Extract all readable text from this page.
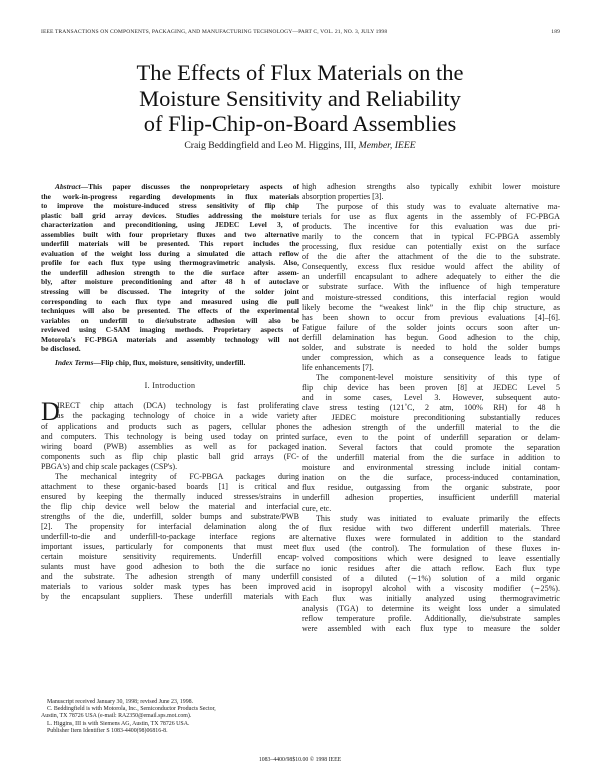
IEEE TRANSACTIONS ON COMPONENTS, PACKAGING, AND MANUFACTURING TECHNOLOGY—PART C, VOL. 21, NO. 3, JULY 1998	189
The Effects of Flux Materials on the
Moisture Sensitivity and Reliability
of Flip-Chip-on-Board Assemblies
Craig Beddingfield and Leo M. Higgins, III, Member, IEEE
Abstract—This paper discusses the nonproprietary aspects of
the work-in-progress regarding developments in flux materials
to improve the moisture-induced stress sensitivity of flip chip
plastic ball grid array devices. Studies addressing the moisture
characterization and preconditioning, using JEDEC Level 3, of
assemblies built with four proprietary fluxes and two alternative
underfill materials will be presented. This report includes the
evaluation of the weight loss during a simulated die attach reflow
profile for each flux type using thermogravimetric analysis. Also,
the underfill adhesion strength to the die surface after assem-
bly, after moisture preconditioning and after 48 h of autoclave
stressing will be discussed. The integrity of the solder joint
corresponding to each flux type and measured using die pull
techniques will also be presented. The effects of the experimental
variables on underfill to die/substrate adhesion will also be
reviewed using C-SAM imaging methods. Proprietary aspects of
Motorola's FC-PBGA materials and assembly technology will not
be disclosed.
Index Terms—Flip chip, flux, moisture, sensitivity, underfill.
I. Introduction
D
IRECT chip attach (DCA) technology is fast proliferating
as the packaging technology of choice in a wide variety
of applications and products such as pagers, cellular phones
and computers. This technology is being used today on printed
wiring board (PWB) assemblies as well as for packaged
components such as flip chip plastic ball grid arrays (FC-
PBGA's) and chip scale packages (CSP's).
The mechanical integrity of FC-PBGA packages during
attachment to these organic-based boards [1] is critical and
ensured by keeping the thermally induced stresses/strains in
the flip chip device well below the material and interfacial
strengths of the die, underfill, solder bumps and substrate/PWB
[2]. The propensity for interfacial delamination along the
underfill-to-die and underfill-to-package interface regions are
important issues, particularly for components that must meet
certain moisture sensitivity requirements. Underfill encap-
sulants must have good adhesion to both the die surface
and the substrate. The adhesion strength of many underfill
materials to various solder mask types has been improved
by the encapsulant suppliers. These underfill materials with
Manuscript received January 30, 1998; revised June 23, 1998.
C. Beddingfield is with Motorola, Inc., Semiconductor Products Sector,
Austin, TX 78726 USA (e-mail: RA2350@email.sps.mot.com).
L. Higgins, III is with Siemens AG, Austin, TX 78726 USA.
Publisher Item Identifier S 1083-4400(98)06816-8.
high adhesion strengths also typically exhibit lower moisture
absorption properties [3].
The purpose of this study was to evaluate alternative ma-
terials for use as flux agents in the assembly of FC-PBGA
products. The incentive for this evaluation was due pri-
marily to the concern that in typical FC-PBGA assembly
processing, flux residue can potentially exist on the surface
of the die after the attachment of the die to the substrate.
Consequently, excess flux residue would affect the ability of
an underfill encapsulant to adhere adequately to either the die
or substrate surface. With the influence of high temperature
and moisture-stressed conditions, this interfacial region would
likely become the “weakest link” in the flip chip structure, as
has been shown to occur from previous evaluations [4]–[6].
Fatigue failure of the solder joints occurs soon after un-
derfill delamination has begun. Good adhesion to the chip,
solder, and substrate is needed to hold the solder bumps
under compression, which as a consequence leads to fatigue
life enhancements [7].
The component-level moisture sensitivity of this type of
flip chip device has been proven [8] at JEDEC Level 5
and in some cases, Level 3. However, subsequent auto-
clave stress testing (121˚C, 2 atm, 100% RH) for 48 h
after JEDEC moisture preconditioning substantially reduces
the adhesion strength of the underfill material to the die
surface, even to the point of underfill separation or delam-
ination. Several factors that could promote the separation
of the underfill material from the die surface in addition to
moisture and environmental stressing include initial contam-
ination on the die surface, process-induced contamination,
flux residue, outgassing from the organic substrate, poor
underfill adhesion properties, insufficient underfill material
cure, etc.
This study was initiated to evaluate primarily the effects
of flux residue with two different underfill materials. Three
alternative fluxes were formulated in addition to the standard
flux used (the control). The formulation of these fluxes in-
volved compositions which were designed to leave essentially
no ionic residues after die attach reflow. Each flux type
consisted of a diluted (∼1%) solution of a mild organic
acid in isopropyl alcohol with a viscosity modifier (∼25%).
Each flux was initially analyzed using thermogravimetric
analysis (TGA) to determine its weight loss under a simulated
reflow temperature profile. Additionally, die/substrate samples
were assembled with each flux type to measure the solder
1083–4400/98$10.00 © 1998 IEEE
